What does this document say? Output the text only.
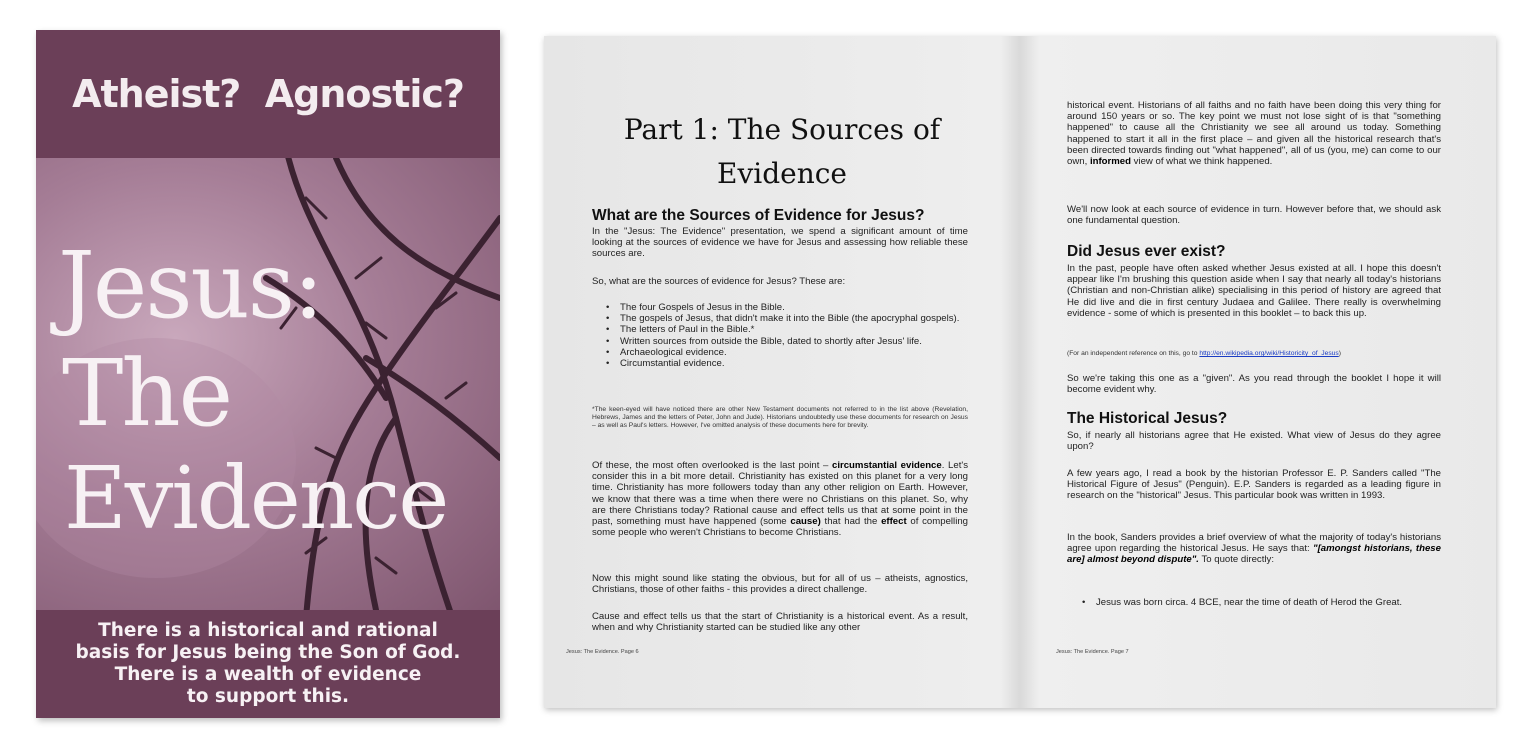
Atheist?  Agnostic?
Jesus:
The
Evidence
There is a historical and rational
basis for Jesus being the Son of God.
There is a wealth of evidence
to support this.
Part 1: The Sources of
Evidence
What are the Sources of Evidence for Jesus?
In the "Jesus: The Evidence" presentation, we spend a significant amount of time looking at the sources of evidence we have for Jesus and assessing how reliable these sources are.
So, what are the sources of evidence for Jesus? These are:
• The four Gospels of Jesus in the Bible.
• The gospels of Jesus, that didn't make it into the Bible (the apocryphal gospels).
• The letters of Paul in the Bible.*
• Written sources from outside the Bible, dated to shortly after Jesus' life.
• Archaeological evidence.
• Circumstantial evidence.
*The keen-eyed will have noticed there are other New Testament documents not referred to in the list above (Revelation, Hebrews, James and the letters of Peter, John and Jude). Historians undoubtedly use these documents for research on Jesus – as well as Paul's letters. However, I've omitted analysis of these documents here for brevity.
Of these, the most often overlooked is the last point – circumstantial evidence. Let's consider this in a bit more detail. Christianity has existed on this planet for a very long time. Christianity has more followers today than any other religion on Earth. However, we know that there was a time when there were no Christians on this planet. So, why are there Christians today? Rational cause and effect tells us that at some point in the past, something must have happened (some cause) that had the effect of compelling some people who weren't Christians to become Christians.
Now this might sound like stating the obvious, but for all of us – atheists, agnostics, Christians, those of other faiths - this provides a direct challenge.
Cause and effect tells us that the start of Christianity is a historical event. As a result, when and why Christianity started can be studied like any other
Jesus: The Evidence. Page 6
historical event. Historians of all faiths and no faith have been doing this very thing for around 150 years or so. The key point we must not lose sight of is that "something happened" to cause all the Christianity we see all around us today. Something happened to start it all in the first place – and given all the historical research that's been directed towards finding out "what happened", all of us (you, me) can come to our own, informed view of what we think happened.
We'll now look at each source of evidence in turn. However before that, we should ask one fundamental question.
Did Jesus ever exist?
In the past, people have often asked whether Jesus existed at all. I hope this doesn't appear like I'm brushing this question aside when I say that nearly all today's historians (Christian and non-Christian alike) specialising in this period of history are agreed that He did live and die in first century Judaea and Galilee. There really is overwhelming evidence - some of which is presented in this booklet – to back this up.
(For an independent reference on this, go to http://en.wikipedia.org/wiki/Historicity_of_Jesus)
So we're taking this one as a "given". As you read through the booklet I hope it will become evident why.
The Historical Jesus?
So, if nearly all historians agree that He existed. What view of Jesus do they agree upon?
A few years ago, I read a book by the historian Professor E. P. Sanders called "The Historical Figure of Jesus" (Penguin). E.P. Sanders is regarded as a leading figure in research on the "historical" Jesus. This particular book was written in 1993.
In the book, Sanders provides a brief overview of what the majority of today's historians agree upon regarding the historical Jesus. He says that: "[amongst historians, these are] almost beyond dispute". To quote directly:
• Jesus was born circa. 4 BCE, near the time of death of Herod the Great.
Jesus: The Evidence. Page 7
